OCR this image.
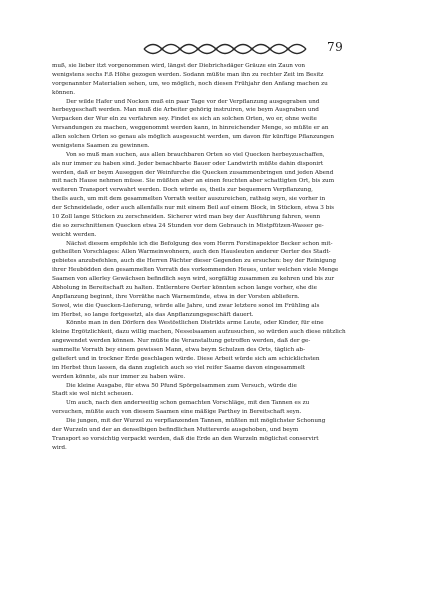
79
muß, sie lieber itzt vorgenommen wird, längst der Diebrichsdäger Gräuze ein Zaun von
wenigstens sechs F.ß Höhe gezogen werden. Sodann müßte man ihn zu rechter Zeit im Besitz
vorgenannter Materialien sehen, um, wo möglich, noch diesen Frühjahr den Anfang machen zu
können.
Der wilde Hafer und Nocken muß ein paar Tage vor der Verpflanzung ausgegraben und
herbeygeschaft werden. Man muß die Arbeiter gehörig instruiren, wie beym Ausgraben und
Verpacken der Wur eln zu verfahren sey. Findet es sich an solchen Orten, wo er, ohne weite
Versandungen zu machen, weggenommt werden kann, in hinreichender Menge, so müßte er an
allen solchen Orten so genau als möglich ausgesucht werden, um davon für künftige Pflanzungen
wenigstens Saamen zu gewinnen.
Von so muß man suchen, aus allen brauchbaren Orten so viel Quecken herbeyzuschaffen,
als nur immer zu haben sind. Jeder benachbarte Bauer oder Landwirth müßte dahin disponirt
werden, daß er beym Auseggen der Weinfurche die Quecken zusammenbringen und jeden Abend
mit nach Hause nehmen müsse. Sie müßten aber an einen feuchten aber schattigten Ort, bis zum
weiteren Transport verwahrt werden. Doch würde es, theils zur bequemern Verpflanzung,
theils auch, um mit dem gesammelten Vorrath weiter auszureichen, rathsig seyn, sie vorher in
der Schneidelade, oder auch allenfalls nur mit einem Beil auf einem Block, in Stücken, etwa 3 bis
10 Zoll lange Stücken zu zerschneiden. Sicherer wird man bey der Ausführung fahren, wenn
die so zerschnittenen Quecken etwa 24 Stunden vor dem Gebrauch in Mistpfützen-Wasser ge-
weicht werden.
Nächst diesem empfehle ich die Befolgung des vom Herrn Forstinspektor Becker schon mit-
getheilten Vorschlages: Allen Warmeinwohnern, auch den Hausleuten anderer Oerter des Stadt-
gebietes anzubefehlen, auch die Herren Pächter dieser Gegenden zu ersuchen: bey der Reinigung
ihrer Heubödden den gesammelten Vorrath des vorkommenden Heues, unter welchen viele Menge
Saamen von allerley Gewächsen befindlich seyn wird, sorgfältig zusammen zu kehren und bis zur
Abholung in Bereitschaft zu halten. Entlerntere Oerter könnten schon lange vorher, ehe die
Anpflanzung beginnt, ihre Vorräthe nach Warnemünde, etwa in der Vorsten abliefern.
Sowol, wie die Quecken-Lieferung, würde alle Jahre, und zwar letztere sonol im Frühling als
im Herbst, so lange fortgesetzt, als das Anpflanzungsgeschäft dauert.
Könnte man in den Dörfern des Westöstlichen Distrikts arme Leute, oder Kinder, für eine
kleine Ergötzlichkeit, dazu willig machen, Nesselsaamen aufzusuchen, so würden auch diese nützlich
angewendet werden können. Nur müßte die Veranstaltung getroffen werden, daß der ge-
sammelte Vorrath bey einem gewissen Mann, etwa beym Schulzen des Orts, täglich ab-
geliefert und in trockner Erde geschlagen würde. Diese Arbeit würde sich am schicklichsten
im Herbst thun lassen, da dann zugleich auch so viel reifer Saame davon eingesammelt
werden könnte, als nur immer zu haben wäre.
Die kleine Ausgabe, für etwa 50 Pfund Spörgelsammen zum Versuch, würde die
Stadt sie wol nicht scheuen.
Um auch, nach den anderweitig schon gemachten Vorschläge, mit den Tannen es zu
versuchen, müßte auch von diesem Saamen eine mäßige Parthey in Bereitschaft seyn.
Die jungen, mit der Wurzel zu verpflanzenden Tannen, müßten mit möglichster Schonung
der Wurzeln und der an denselbigen befindlichen Muttererde ausgehoben, und beym
Transport so vorsichtig verpackt werden, daß die Erde an den Wurzeln möglichst conservirt
wird.
